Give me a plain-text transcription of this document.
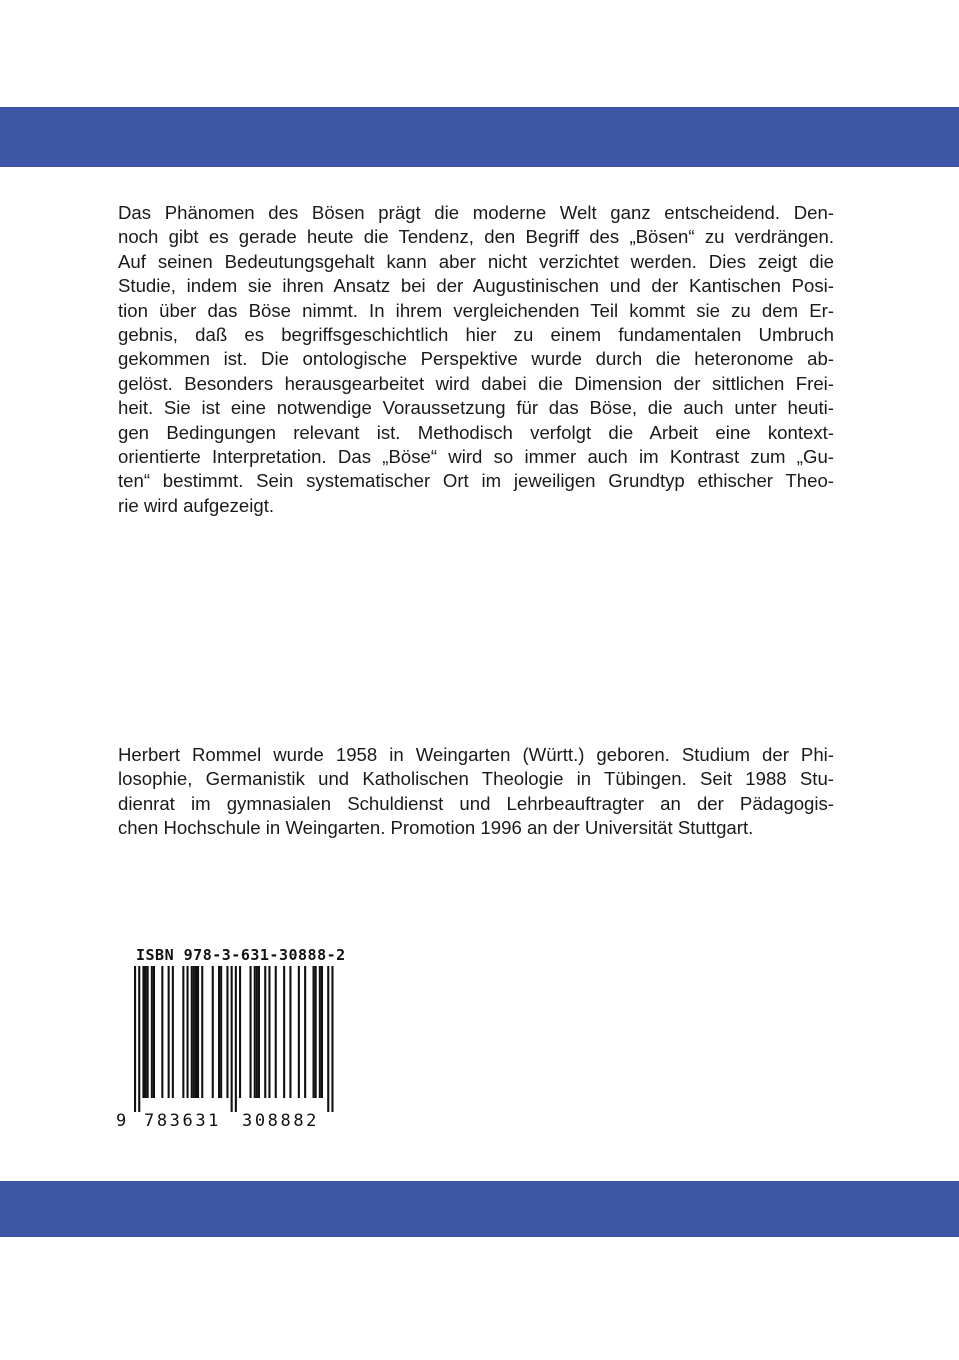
Das Phänomen des Bösen prägt die moderne Welt ganz entscheidend. Den-
noch gibt es gerade heute die Tendenz, den Begriff des „Bösen“ zu verdrängen.
Auf seinen Bedeutungsgehalt kann aber nicht verzichtet werden. Dies zeigt die
Studie, indem sie ihren Ansatz bei der Augustinischen und der Kantischen Posi-
tion über das Böse nimmt. In ihrem vergleichenden Teil kommt sie zu dem Er-
gebnis, daß es begriffsgeschichtlich hier zu einem fundamentalen Umbruch
gekommen ist. Die ontologische Perspektive wurde durch die heteronome ab-
gelöst. Besonders herausgearbeitet wird dabei die Dimension der sittlichen Frei-
heit. Sie ist eine notwendige Voraussetzung für das Böse, die auch unter heuti-
gen Bedingungen relevant ist. Methodisch verfolgt die Arbeit eine kontext-
orientierte Interpretation. Das „Böse“ wird so immer auch im Kontrast zum „Gu-
ten“ bestimmt. Sein systematischer Ort im jeweiligen Grundtyp ethischer Theo-
rie wird aufgezeigt.
Herbert Rommel wurde 1958 in Weingarten (Württ.) geboren. Studium der Phi-
losophie, Germanistik und Katholischen Theologie in Tübingen. Seit 1988 Stu-
dienrat im gymnasialen Schuldienst und Lehrbeauftragter an der Pädagogis-
chen Hochschule in Weingarten. Promotion 1996 an der Universität Stuttgart.
ISBN 978-3-631-30888-2
9 783631 308882
